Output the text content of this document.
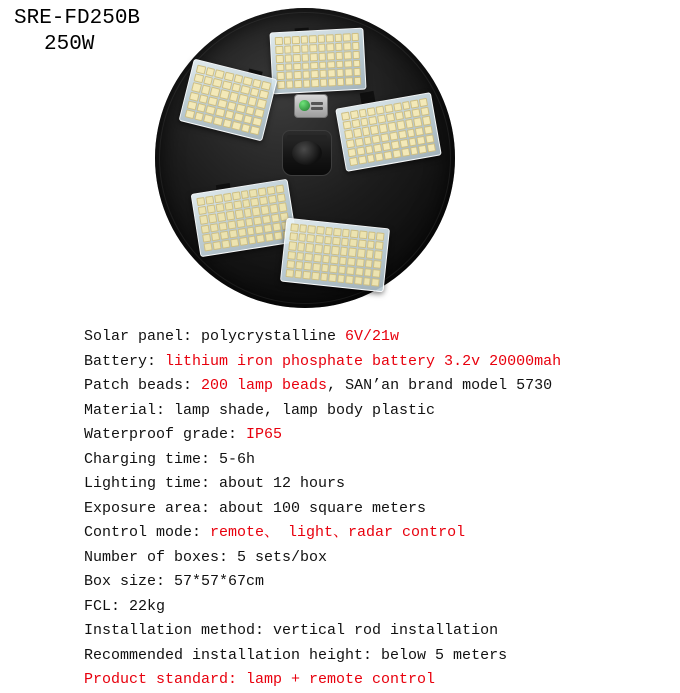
SRE-FD250B
250W
Solar panel: polycrystalline 6V/21w
Battery: lithium iron phosphate battery 3.2v 20000mah
Patch beads: 200 lamp beads, SAN’an brand model 5730
Material: lamp shade, lamp body plastic
Waterproof grade: IP65
Charging time: 5-6h
Lighting time: about 12 hours
Exposure area: about 100 square meters
Control mode: remote、 light、radar control
Number of boxes: 5 sets/box
Box size: 57*57*67cm
FCL: 22kg
Installation method: vertical rod installation
Recommended installation height: below 5 meters
Product standard: lamp + remote control
